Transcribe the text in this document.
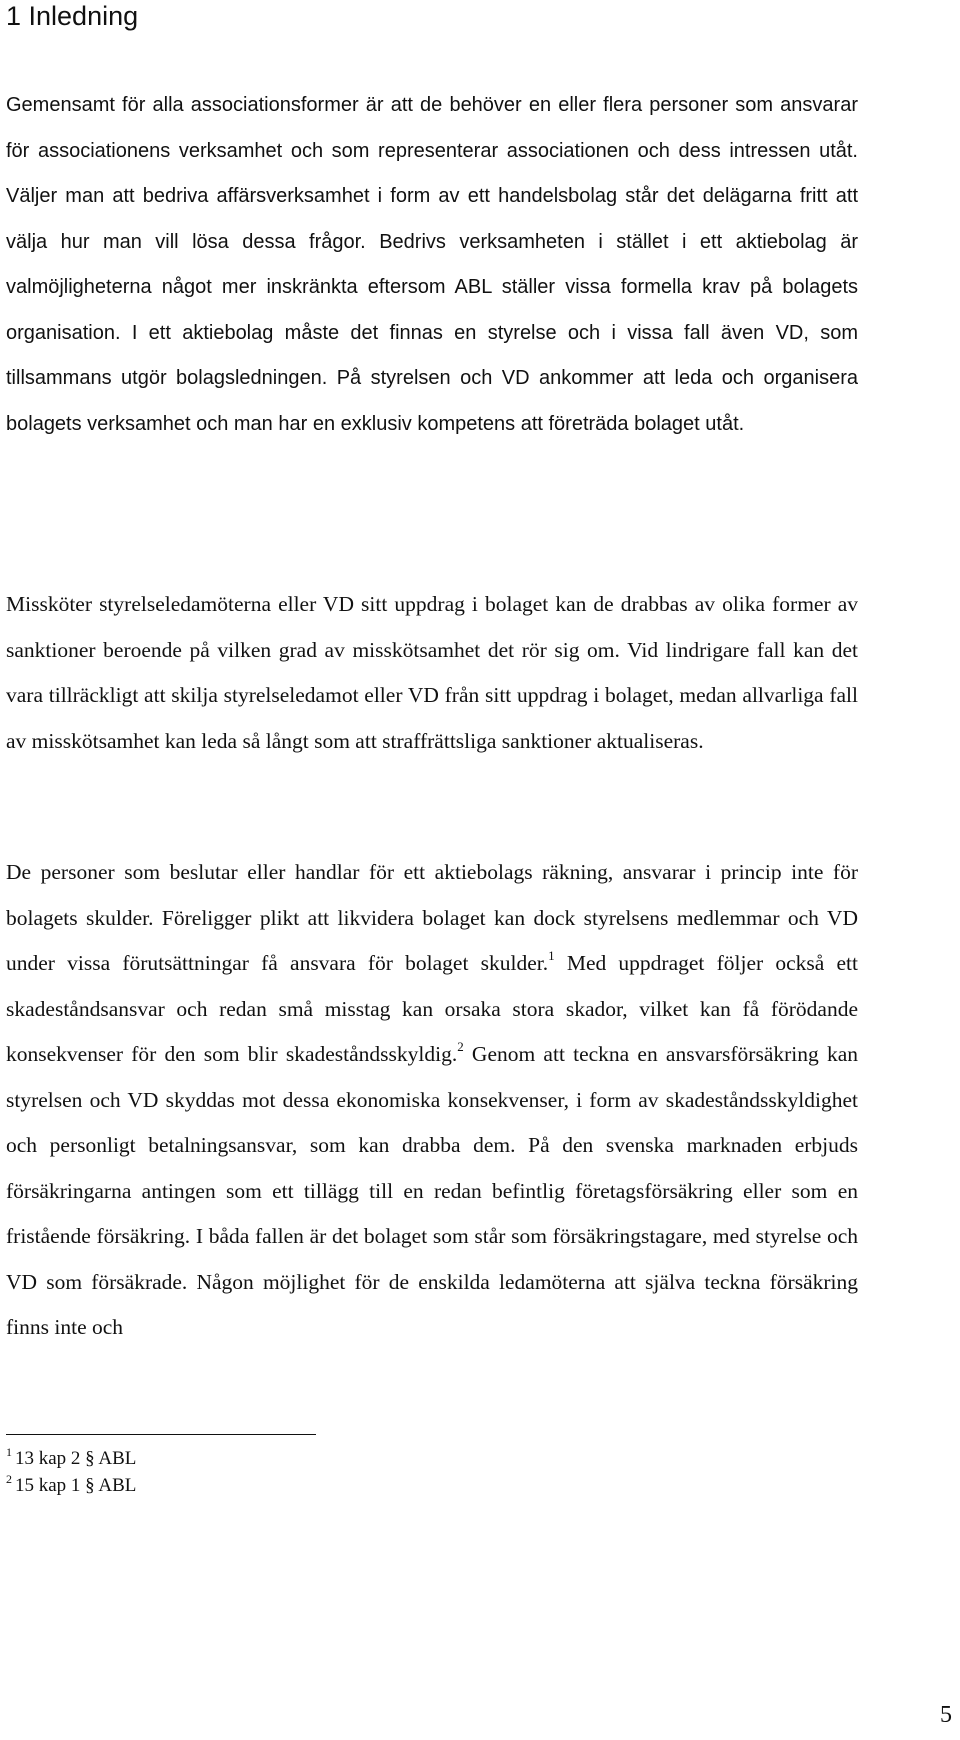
1 Inledning

Gemensamt för alla associationsformer är att de behöver en eller flera personer som ansvarar för associationens verksamhet och som representerar associationen och dess intressen utåt. Väljer man att bedriva affärsverksamhet i form av ett handelsbolag står det delägarna fritt att välja hur man vill lösa dessa frågor. Bedrivs verksamheten i stället i ett aktiebolag är valmöjligheterna något mer inskränkta eftersom ABL ställer vissa formella krav på bolagets organisation. I ett aktiebolag måste det finnas en styrelse och i vissa fall även VD, som tillsammans utgör bolagsledningen. På styrelsen och VD ankommer att leda och organisera bolagets verksamhet och man har en exklusiv kompetens att företräda bolaget utåt.

Missköter styrelseledamöterna eller VD sitt uppdrag i bolaget kan de drabbas av olika former av sanktioner beroende på vilken grad av misskötsamhet det rör sig om. Vid lindrigare fall kan det vara tillräckligt att skilja styrelseledamot eller VD från sitt uppdrag i bolaget, medan allvarliga fall av misskötsamhet kan leda så långt som att straffrättsliga sanktioner aktualiseras.

De personer som beslutar eller handlar för ett aktiebolags räkning, ansvarar i princip inte för bolagets skulder. Föreligger plikt att likvidera bolaget kan dock styrelsens medlemmar och VD under vissa förutsättningar få ansvara för bolaget skulder.$^1$ Med uppdraget följer också ett skadeståndsansvar och redan små misstag kan orsaka stora skador, vilket kan få förödande konsekvenser för den som blir skadeståndsskyldig.$^2$ Genom att teckna en ansvarsförsäkring kan styrelsen och VD skyddas mot dessa ekonomiska konsekvenser, i form av skadeståndsskyldighet och personligt betalningsansvar, som kan drabba dem. På den svenska marknaden erbjuds försäkringarna antingen som ett tillägg till en redan befintlig företagsförsäkring eller som en fristående försäkring. I båda fallen är det bolaget som står som försäkringstagare, med styrelse och VD som försäkrade. Någon möjlighet för de enskilda ledamöterna att själva teckna försäkring finns inte och

$^1$ 13 kap 2 § ABL
$^2$ 15 kap 1 § ABL
5
